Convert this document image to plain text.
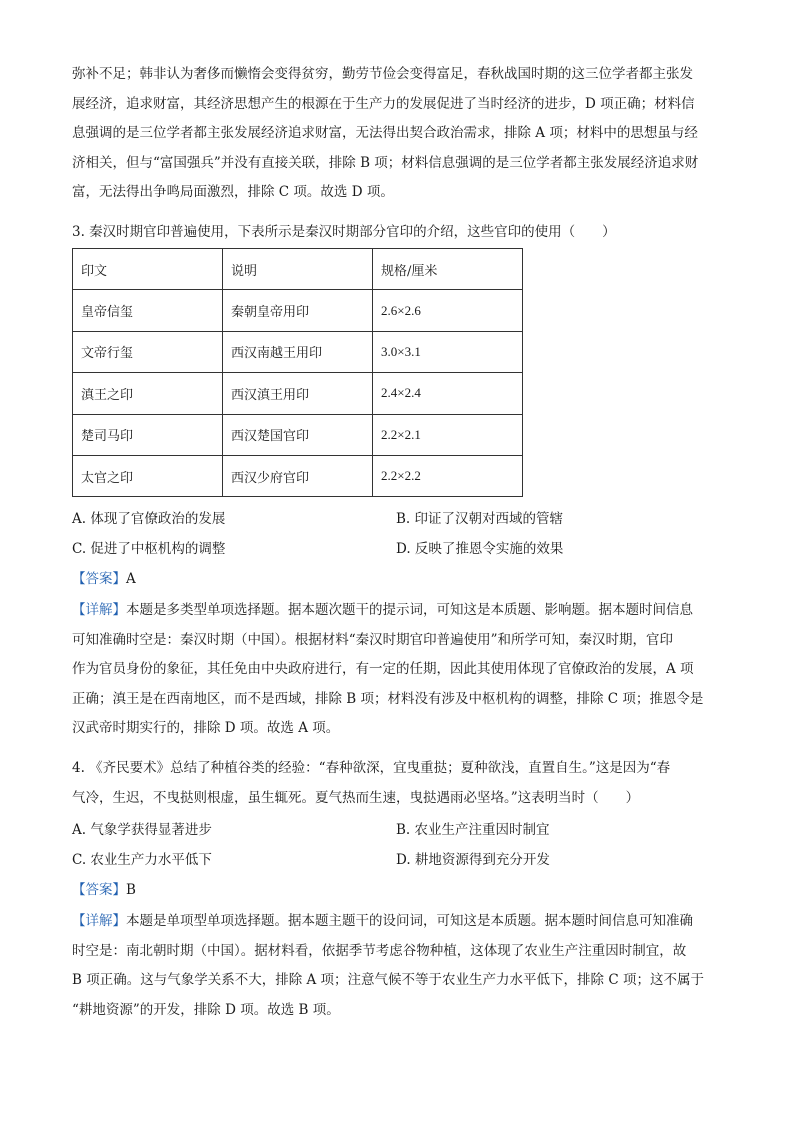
弥补不足；韩非认为奢侈而懒惰会变得贫穷，勤劳节俭会变得富足，春秋战国时期的这三位学者都主张发

展经济，追求财富，其经济思想产生的根源在于生产力的发展促进了当时经济的进步，D 项正确；材料信

息强调的是三位学者都主张发展经济追求财富，无法得出契合政治需求，排除 A 项；材料中的思想虽与经

济相关，但与“富国强兵”并没有直接关联，排除 B 项；材料信息强调的是三位学者都主张发展经济追求财

富，无法得出争鸣局面激烈，排除 C 项。故选 D 项。

3. 秦汉时期官印普遍使用，下表所示是秦汉时期部分官印的介绍，这些官印的使用（　　）
印文	说明	规格/厘米
皇帝信玺	秦朝皇帝用印	2.6×2.6
文帝行玺	西汉南越王用印	3.0×3.1
滇王之印	西汉滇王用印	2.4×2.4
楚司马印	西汉楚国官印	2.2×2.1
太官之印	西汉少府官印	2.2×2.2
A. 体现了官僚政治的发展	B. 印证了汉朝对西域的管辖
C. 促进了中枢机构的调整	D. 反映了推恩令实施的效果
【答案】A

【详解】本题是多类型单项选择题。据本题次题干的提示词，可知这是本质题、影响题。据本题时间信息

可知准确时空是：秦汉时期（中国）。根据材料“秦汉时期官印普遍使用”和所学可知，秦汉时期，官印

作为官员身份的象征，其任免由中央政府进行，有一定的任期，因此其使用体现了官僚政治的发展，A 项

正确；滇王是在西南地区，而不是西域，排除 B 项；材料没有涉及中枢机构的调整，排除 C 项；推恩令是

汉武帝时期实行的，排除 D 项。故选 A 项。

4. 《齐民要术》总结了种植谷类的经验：“春种欲深，宜曳重挞；夏种欲浅，直置自生。”这是因为“春

气冷，生迟，不曳挞则根虚，虽生辄死。夏气热而生速，曳挞遇雨必坚垎。”这表明当时（　　）

A. 气象学获得显著进步	B. 农业生产注重因时制宜
C. 农业生产力水平低下	D. 耕地资源得到充分开发
【答案】B

【详解】本题是单项型单项选择题。据本题主题干的设问词，可知这是本质题。据本题时间信息可知准确

时空是：南北朝时期（中国）。据材料看，依据季节考虑谷物种植，这体现了农业生产注重因时制宜，故

B 项正确。这与气象学关系不大，排除 A 项；注意气候不等于农业生产力水平低下，排除 C 项；这不属于

“耕地资源”的开发，排除 D 项。故选 B 项。
